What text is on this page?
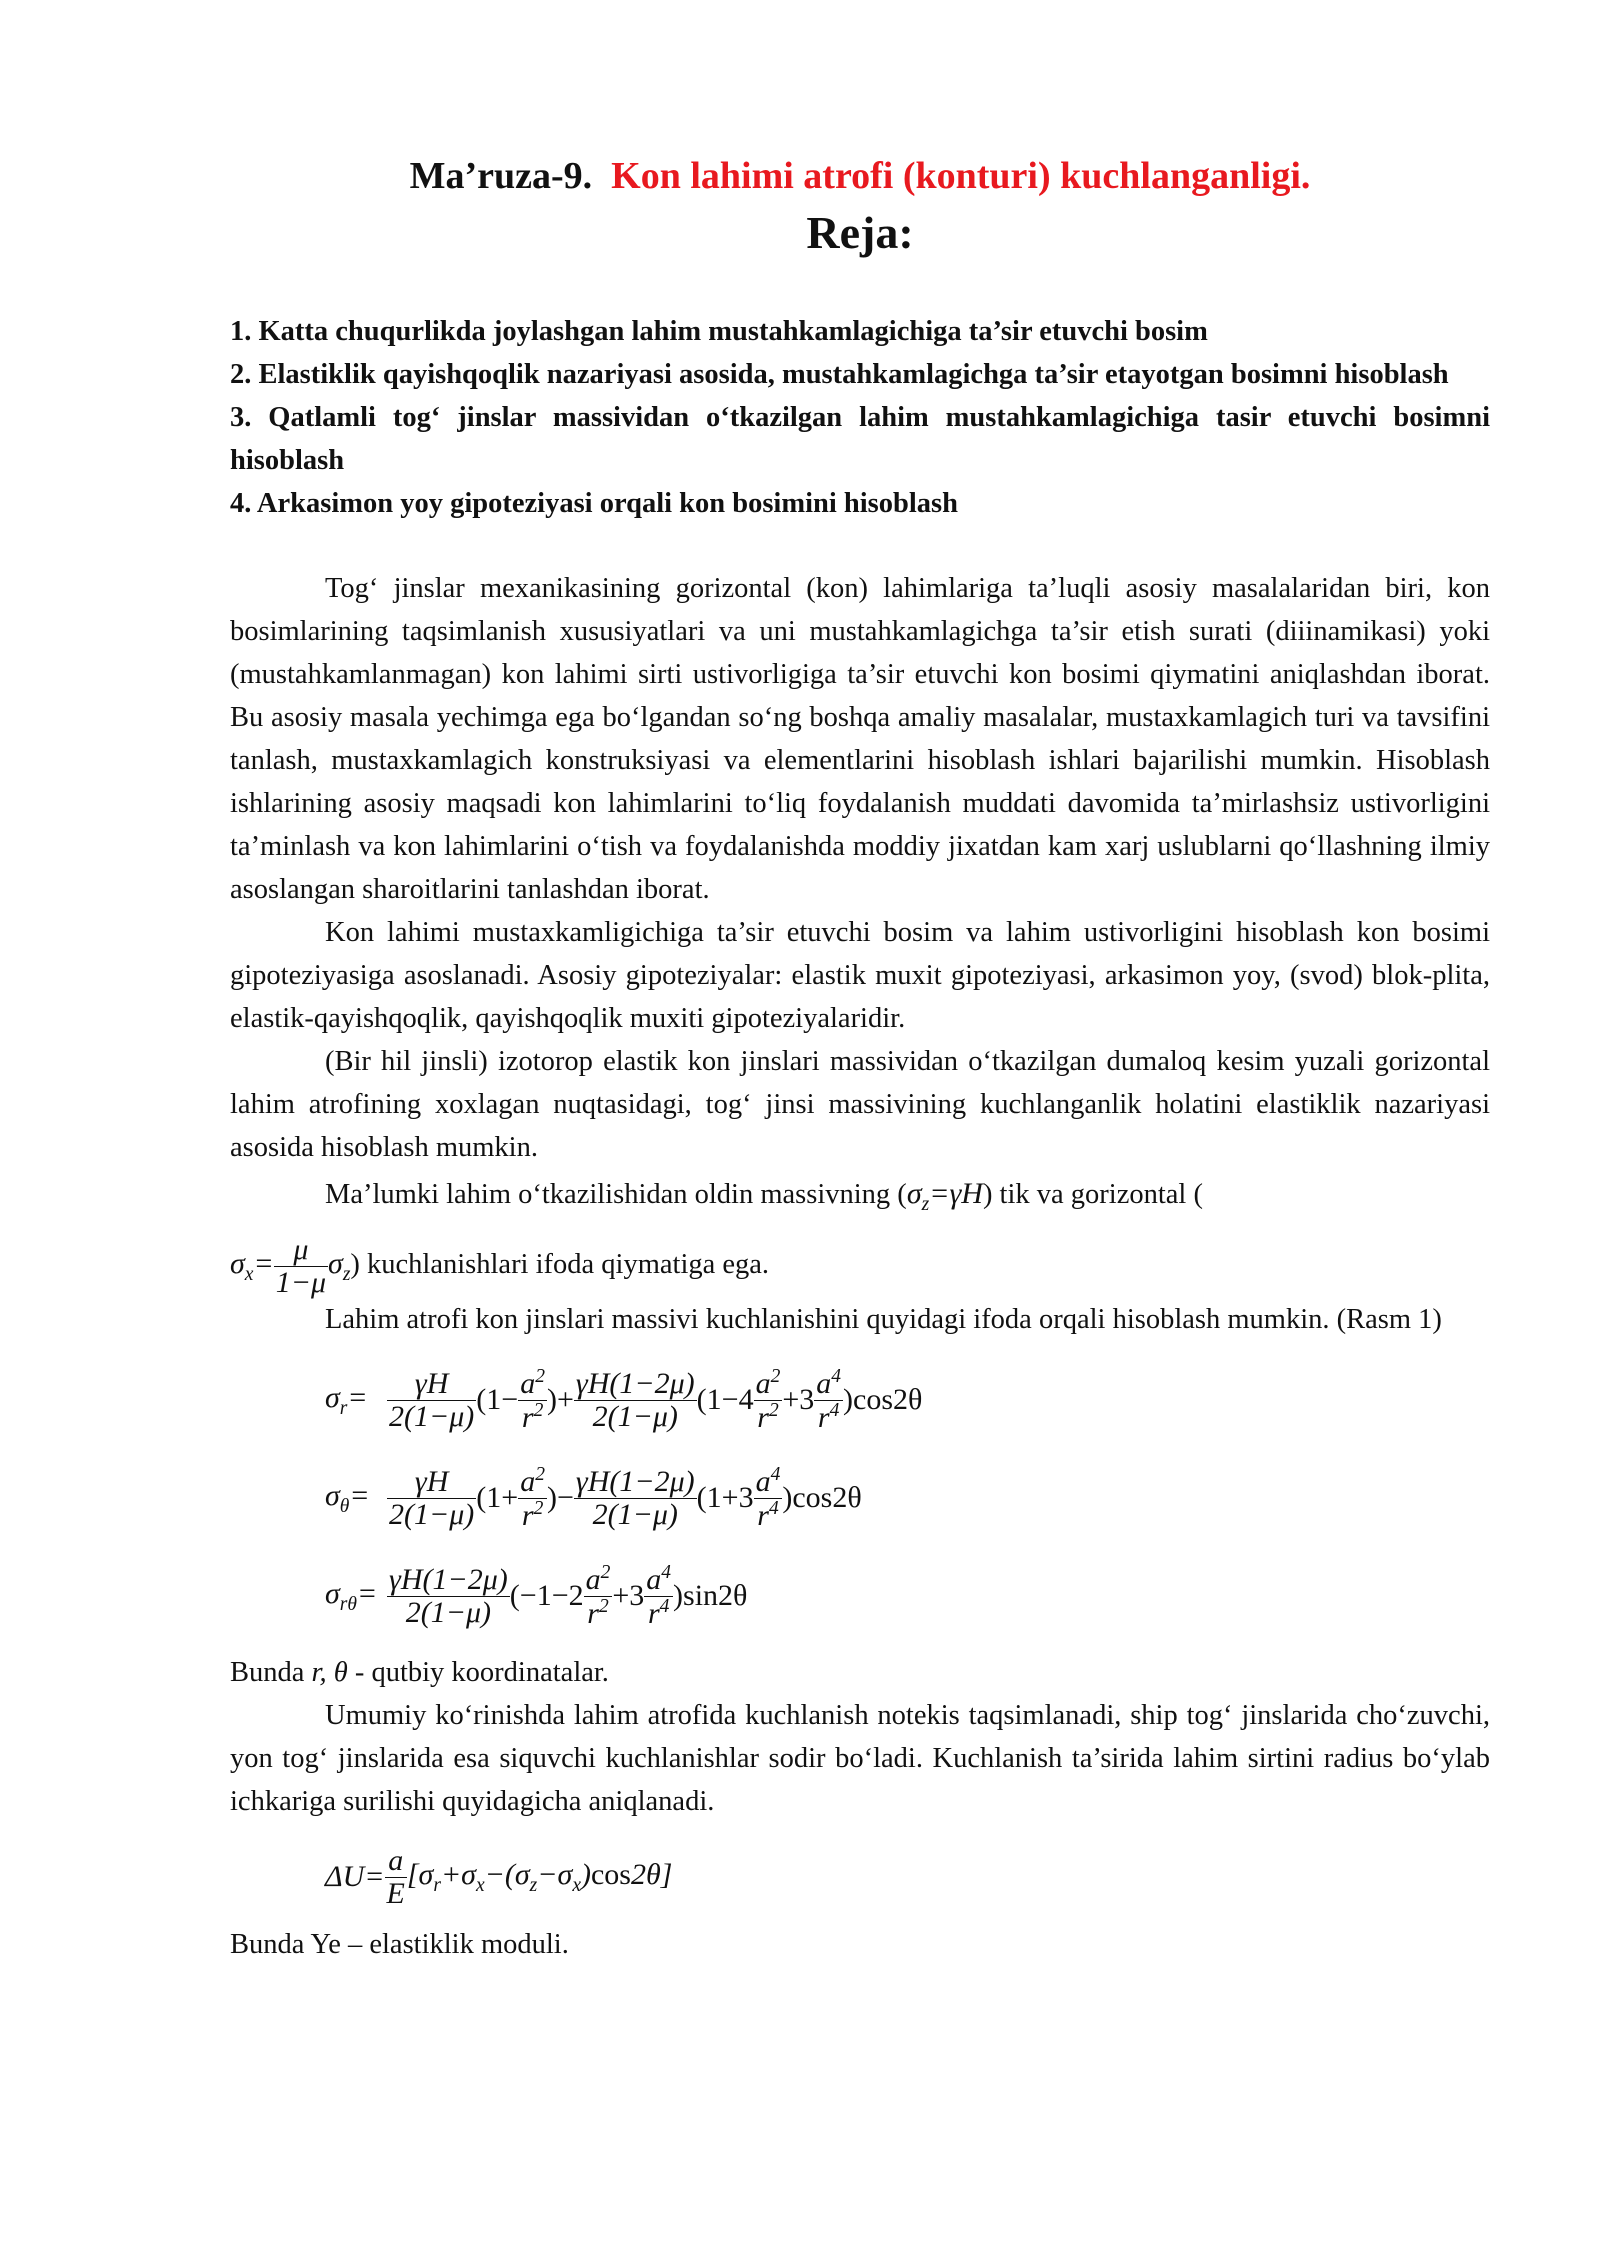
Ma’ruza-9. Kon lahimi atrofi (konturi) kuchlanganligi.
Reja:
1. Katta chuqurlikda joylashgan lahim mustahkamlagichiga ta’sir etuvchi bosim
2. Elastiklik qayishqoqlik nazariyasi asosida, mustahkamlagichga ta’sir etayotgan bosimni hisoblash
3. Qatlamli tog‘ jinslar massividan o‘tkazilgan lahim mustahkamlagichiga tasir etuvchi bosimni hisoblash
4. Arkasimon yoy gipoteziyasi orqali kon bosimini hisoblash

Tog‘ jinslar mexanikasining gorizontal (kon) lahimlariga ta’luqli asosiy masalalaridan biri, kon bosimlarining taqsimlanish xususiyatlari va uni mustahkamlagichga ta’sir etish surati (diiinamikasi) yoki (mustahkamlanmagan) kon lahimi sirti ustivorligiga ta’sir etuvchi kon bosimi qiymatini aniqlashdan iborat. Bu asosiy masala yechimga ega bo‘lgandan so‘ng boshqa amaliy masalalar, mustaxkamlagich turi va tavsifini tanlash, mustaxkamlagich konstruksiyasi va elementlarini hisoblash ishlari bajarilishi mumkin. Hisoblash ishlarining asosiy maqsadi kon lahimlarini to‘liq foydalanish muddati davomida ta’mirlashsiz ustivorligini ta’minlash va kon lahimlarini o‘tish va foydalanishda moddiy jixatdan kam xarj uslublarni qo‘llashning ilmiy asoslangan sharoitlarini tanlashdan iborat.

Kon lahimi mustaxkamligichiga ta’sir etuvchi bosim va lahim ustivorligini hisoblash kon bosimi gipoteziyasiga asoslanadi. Asosiy gipoteziyalar: elastik muxit gipoteziyasi, arkasimon yoy, (svod) blok-plita, elastik-qayishqoqlik, qayishqoqlik muxiti gipoteziyalaridir.

(Bir hil jinsli) izotorop elastik kon jinslari massividan o‘tkazilgan dumaloq kesim yuzali gorizontal lahim atrofining xoxlagan nuqtasidagi, tog‘ jinsi massivining kuchlanganlik holatini elastiklik nazariyasi asosida hisoblash mumkin.

Ma’lumki lahim o‘tkazilishidan oldin massivning $(\sigma_z=\gamma H)$ tik va gorizontal (

$\sigma_x= \frac{\mu}{1-\mu} \sigma_z$) kuchlanishlari ifoda qiymatiga ega.

Lahim atrofi kon jinslari massivi kuchlanishini quyidagi ifoda orqali hisoblash mumkin. (Rasm 1)

$\sigma_r= \frac{\gamma H}{2(1-\mu)} (1- \frac{a^2}{r^2}$ )+ $\frac{\gamma H(1-2\mu)}{2(1-\mu)} (1-4$ $a^2$
$r^2 +3$ $a^4$
$r^4$ )cos2θ
$\sigma_\theta= \frac{\gamma H}{2(1-\mu)} (1+ \frac{a^2}{r^2}$ )− $\frac{\gamma H(1-2\mu)}{2(1-\mu)} (1+3$ $a^4$
$r^4$ )cos2θ
$\sigma_{r\theta}= \frac{\gamma H(1-2\mu)}{2(1-\mu)} (-1-2$ $a^2$
$r^2 +3$ $a^4$
$r^4$ )sin2θ

Bunda r, θ - qutbiy koordinatalar.

Umumiy ko‘rinishda lahim atrofida kuchlanish notekis taqsimlanadi, ship tog‘ jinslarida cho‘zuvchi, yon tog‘ jinslarida esa siquvchi kuchlanishlar sodir bo‘ladi. Kuchlanish ta’sirida lahim sirtini radius bo‘ylab ichkariga surilishi quyidagicha aniqlanadi.

$\Delta U= \frac{a}{E} [\sigma_r+\sigma_x-(\sigma_z-\sigma_x)\cos 2\theta]$

Bunda Ye – elastiklik moduli.
